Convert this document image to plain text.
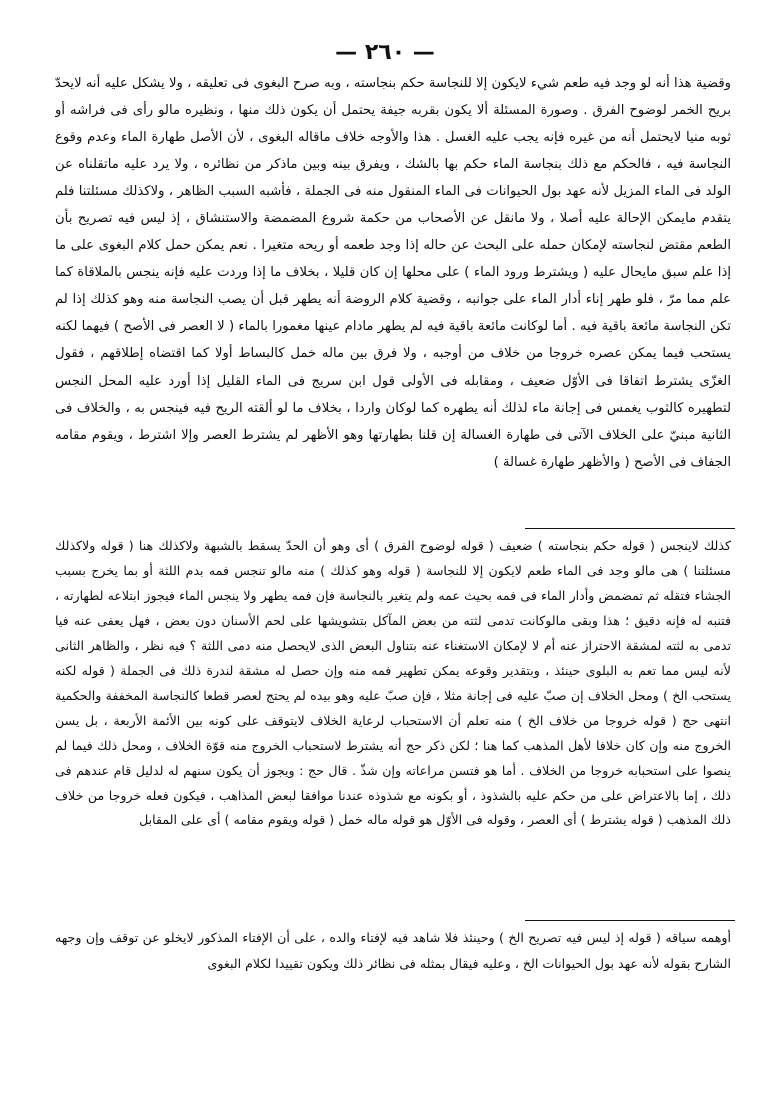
— ٢٦٠ —

وقضية هذا أنه لو وجد فيه طعم شيء لايكون إلا للنجاسة حكم بنجاسته ، وبه صرح البغوى فى تعليقه ، ولا يشكل عليه أنه لايحدّ بريح الخمر لوضوح الفرق . وصورة المسئلة ألا يكون بقربه جيفة يحتمل أن يكون ذلك منها ، ونظيره مالو رأى فى فراشه أو ثوبه منيا لايحتمل أنه من غيره فإنه يجب عليه الغسل . هذا والأوجه خلاف ماقاله البغوى ، لأن الأصل طهارة الماء وعدم وقوع النجاسة فيه ، فالحكم مع ذلك بنجاسة الماء حكم بها بالشك ، ويفرق بينه وبين ماذكر من نظائره ، ولا يرد عليه ماتقلناه عن الولد فى الماء المزيل لأنه عهد بول الحيوانات فى الماء المنقول منه فى الجملة ، فأشبه السبب الظاهر ، ولاكذلك مسئلتنا فلم يتقدم مايمكن الإحالة عليه أصلا ، ولا مانقل عن الأصحاب من حكمة شروع المضمضة والاستنشاق ، إذ ليس فيه تصريح بأن الطعم مقتض لنجاسته لإمكان حمله على البحث عن حاله إذا وجد طعمه أو ريحه متغيرا . نعم يمكن حمل كلام البغوى على ما إذا علم سبق مايحال عليه ( ويشترط ورود الماء ) على محلها إن كان قليلا ، بخلاف ما إذا وردت عليه فإنه ينجس بالملاقاة كما علم مما مرّ ، فلو طهر إناء أدار الماء على جوانبه ، وقضية كلام الروضة أنه يطهر قبل أن يصب النجاسة منه وهو كذلك إذا لم تكن النجاسة مائعة باقية فيه . أما لوكانت مائعة باقية فيه لم يطهر مادام عينها مغمورا بالماء ( لا العصر فى الأصح ) فيهما لكنه يستحب فيما يمكن عصره خروجا من خلاف من أوجبه ، ولا فرق بين ماله خمل كالبساط أولا كما اقتضاه إطلاقهم ، فقول الغزّى يشترط اتفاقا فى الأوّل ضعيف ، ومقابله فى الأولى قول ابن سريج فى الماء القليل إذا أورد عليه المحل النجس لتطهيره كالثوب يغمس فى إجانة ماء لذلك أنه يطهره كما لوكان واردا ، بخلاف ما لو ألقته الريح فيه فينجس به ، والخلاف فى الثانية مبنيّ على الخلاف الآتى فى طهارة الغسالة إن قلنا بطهارتها وهو الأظهر لم يشترط العصر وإلا اشترط ، ويقوم مقامه الجفاف فى الأصح ( والأظهر طهارة غسالة )

كذلك لاينجس ( قوله حكم بنجاسته ) ضعيف ( قوله لوضوح الفرق ) أى وهو أن الحدّ يسقط بالشبهة ولاكذلك هنا ( قوله ولاكذلك مسئلتنا ) هى مالو وجد فى الماء طعم لايكون إلا للنجاسة ( قوله وهو كذلك ) منه مالو تنجس فمه بدم اللثة أو بما يخرج بسبب الجشاء فتقله ثم تمضمض وأدار الماء فى فمه بحيث عمه ولم يتغير بالنجاسة فإن فمه يطهر ولا ينجس الماء فيجوز ابتلاعه لطهارته ، فتنبه له فإنه دقيق ؛ هذا وبقى مالوكانت تدمى لثته من بعض المآكل بتشويشها على لحم الأسنان دون بعض ، فهل يعفى عنه فيا تدمى به لثته لمشقة الاحتراز عنه أم لا لإمكان الاستغناء عنه بتناول البعض الذى لايحصل منه دمى اللثة ؟ فيه نظر ، والظاهر الثانى لأنه ليس مما تعم به البلوى حينئذ ، وبتقدير وقوعه يمكن تطهير فمه منه وإن حصل له مشقة لندرة ذلك فى الجملة ( قوله لكنه يستحب الخ ) ومحل الخلاف إن صبّ عليه فى إجانة مثلا ، فإن صبّ عليه وهو بيده لم يحتج لعصر قطعا كالنجاسة المخففة والحكمية انتهى حج ( قوله خروجا من خلاف الخ ) منه تعلم أن الاستحباب لرعاية الخلاف لايتوقف على كونه بين الأئمة الأربعة ، بل يسن الخروج منه وإن كان خلافا لأهل المذهب كما هنا ؛ لكن ذكر حج أنه يشترط لاستحباب الخروج منه قوّة الخلاف ، ومحل ذلك فيما لم ينصوا على استحبابه خروجا من الخلاف . أما هو فتسن مراعاته وإن شذّ . قال حج : ويجوز أن يكون سنهم له لدليل قام عندهم فى ذلك ، إما بالاعتراض على من حكم عليه بالشذوذ ، أو بكونه مع شذوذه عندنا موافقا لبعض المذاهب ، فيكون فعله خروجا من خلاف ذلك المذهب ( قوله يشترط ) أى العصر ، وقوله فى الأوّل هو قوله ماله خمل ( قوله ويقوم مقامه ) أى على المقابل

أوهمه سياقه ( قوله إذ ليس فيه تصريح الخ ) وحينئذ فلا شاهد فيه لإفتاء والده ، على أن الإفتاء المذكور لايخلو عن توقف وإن وجهه الشارح بقوله لأنه عهد بول الحيوانات الخ ، وعليه فيقال بمثله فى نظائر ذلك ويكون تقييدا لكلام البغوى
